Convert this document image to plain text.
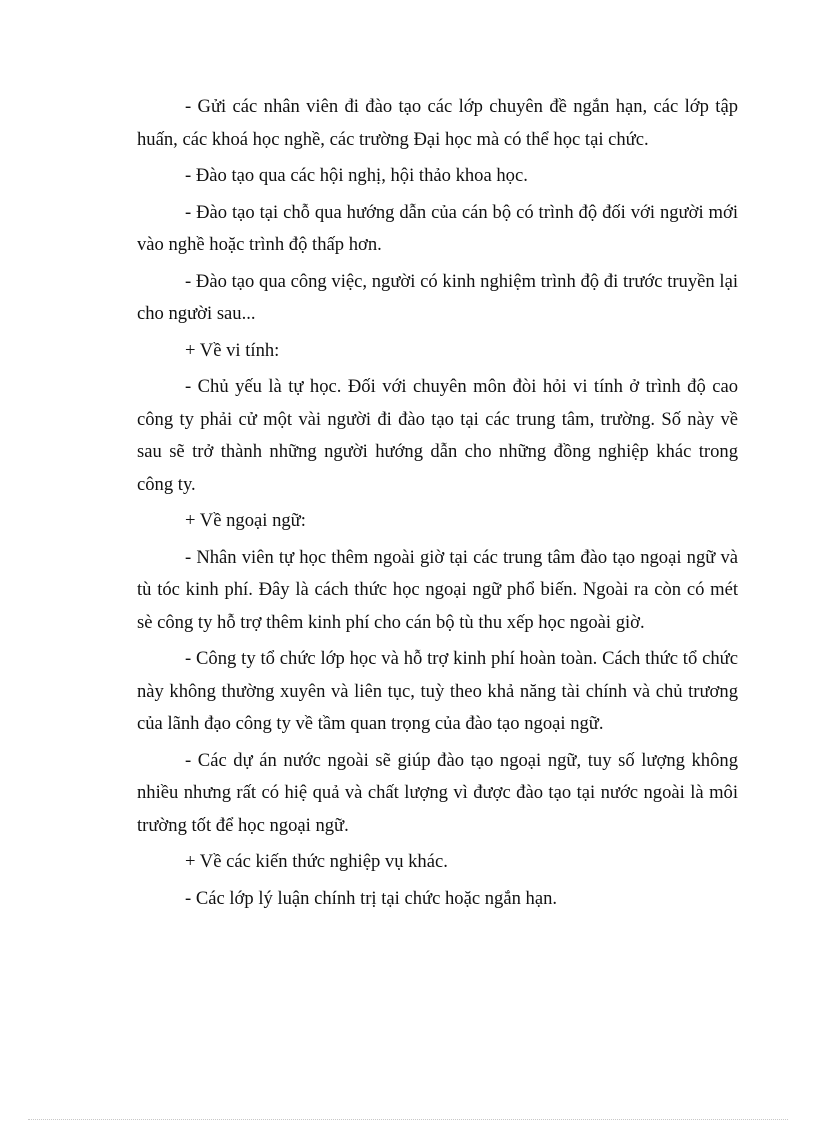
- Gửi các nhân viên đi đào tạo các lớp chuyên đề ngắn hạn, các lớp tập huấn, các khoá học nghề, các trường Đại học mà có thể học tại chức.

- Đào tạo qua các hội nghị, hội thảo khoa học.

- Đào tạo tại chỗ qua hướng dẫn của cán bộ có trình độ đối với người mới vào nghề hoặc trình độ thấp hơn.

- Đào tạo qua công việc, người có kinh nghiệm trình độ đi trước truyền lại cho người sau...

+ Về vi tính:

- Chủ yếu là tự học. Đối với chuyên môn đòi hỏi vi tính ở trình độ cao công ty phải cử một vài người đi đào tạo tại các trung tâm, trường. Số này về sau sẽ trở thành những người hướng dẫn cho những đồng nghiệp khác trong công ty.

+ Về ngoại ngữ:

- Nhân viên tự học thêm ngoài giờ tại các trung tâm đào tạo ngoại ngữ và tù tóc kinh phí. Đây là cách thức học ngoại ngữ phổ biến. Ngoài ra còn có mét sè công ty hỗ trợ thêm kinh phí cho cán bộ tù thu xếp học ngoài giờ.

- Công ty tổ chức lớp học và hỗ trợ kinh phí hoàn toàn. Cách thức tổ chức này không thường xuyên và liên tục, tuỳ theo khả năng tài chính và chủ trương của lãnh đạo công ty về tầm quan trọng của đào tạo ngoại ngữ.

- Các dự án nước ngoài sẽ giúp đào tạo ngoại ngữ, tuy số lượng không nhiều nhưng rất có hiệ quả và chất lượng vì được đào tạo tại nước ngoài là môi trường tốt để học ngoại ngữ.

+ Về các kiến thức nghiệp vụ khác.

- Các lớp lý luận chính trị tại chức hoặc ngắn hạn.
